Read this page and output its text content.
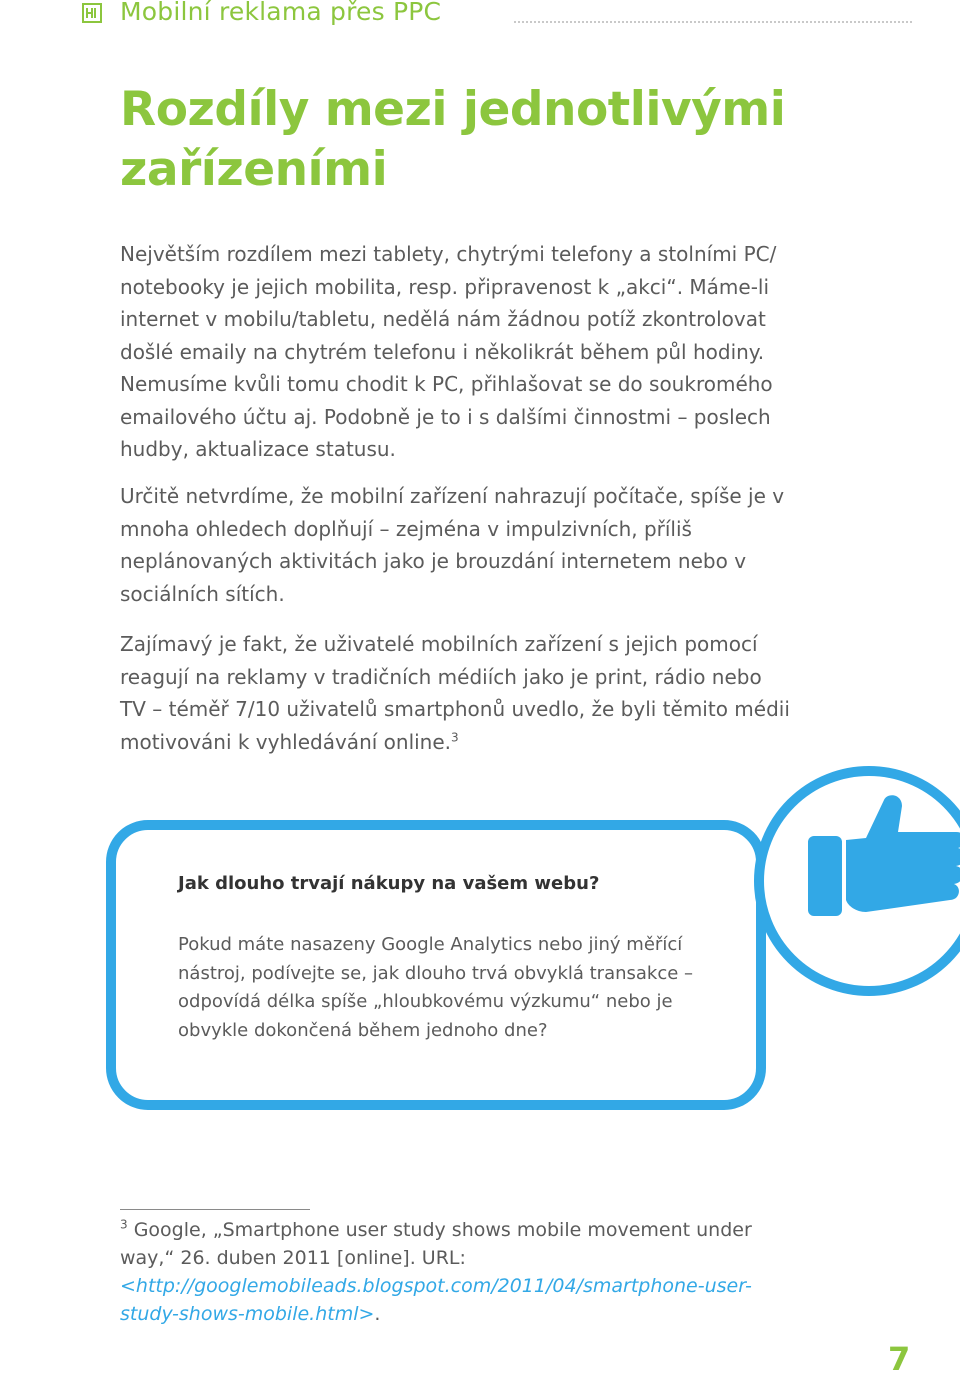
Mobilní reklama přes PPC
Rozdíly mezi jednotlivými zařízeními

Největším rozdílem mezi tablety, chytrými telefony a stolními PC/ notebooky je jejich mobilita, resp. připravenost k „akci“. Máme-li internet v mobilu/tabletu, nedělá nám žádnou potíž zkontrolovat došlé emaily na chytrém telefonu i několikrát během půl hodiny. Nemusíme kvůli tomu chodit k PC, přihlašovat se do soukromého emailového účtu aj. Podobně je to i s dalšími činnostmi – poslech hudby, aktualizace statusu.

Určitě netvrdíme, že mobilní zařízení nahrazují počítače, spíše je v mnoha ohledech doplňují – zejména v impulzivních, příliš neplánovaných aktivitách jako je brouzdání internetem nebo v sociálních sítích.

Zajímavý je fakt, že uživatelé mobilních zařízení s jejich pomocí reagují na reklamy v tradičních médiích jako je print, rádio nebo TV – téměř 7/10 uživatelů smartphonů uvedlo, že byli těmito médii motivováni k vyhledávání online.$^3$

Jak dlouho trvají nákupy na vašem webu?

Pokud máte nasazeny Google Analytics nebo jiný měřící nástroj, podívejte se, jak dlouho trvá obvyklá transakce – odpovídá délka spíše „hloubkovému výzkumu“ nebo je obvykle dokončená během jednoho dne?

$^3$ Google, „Smartphone user study shows mobile movement under way,“ 26. duben 2011 [online]. URL: <http://googlemobileads.blogspot.com/2011/04/smartphone-user-study-shows-mobile.html>.

7
